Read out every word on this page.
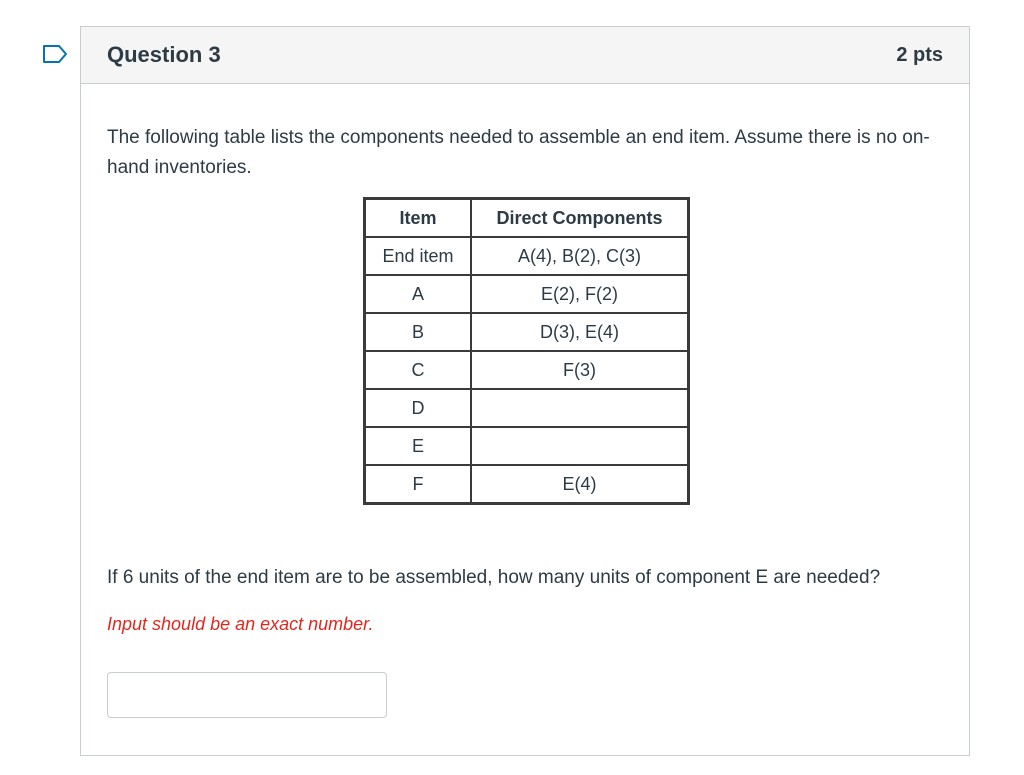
Question 3	2 pts

The following table lists the components needed to assemble an end item. Assume there is no on-hand inventories.

Item	Direct Components
End item	A(4), B(2), C(3)
A	E(2), F(2)
B	D(3), E(4)
C	F(3)
D	
E	
F	E(4)
If 6 units of the end item are to be assembled, how many units of component E are needed?
Input should be an exact number.
